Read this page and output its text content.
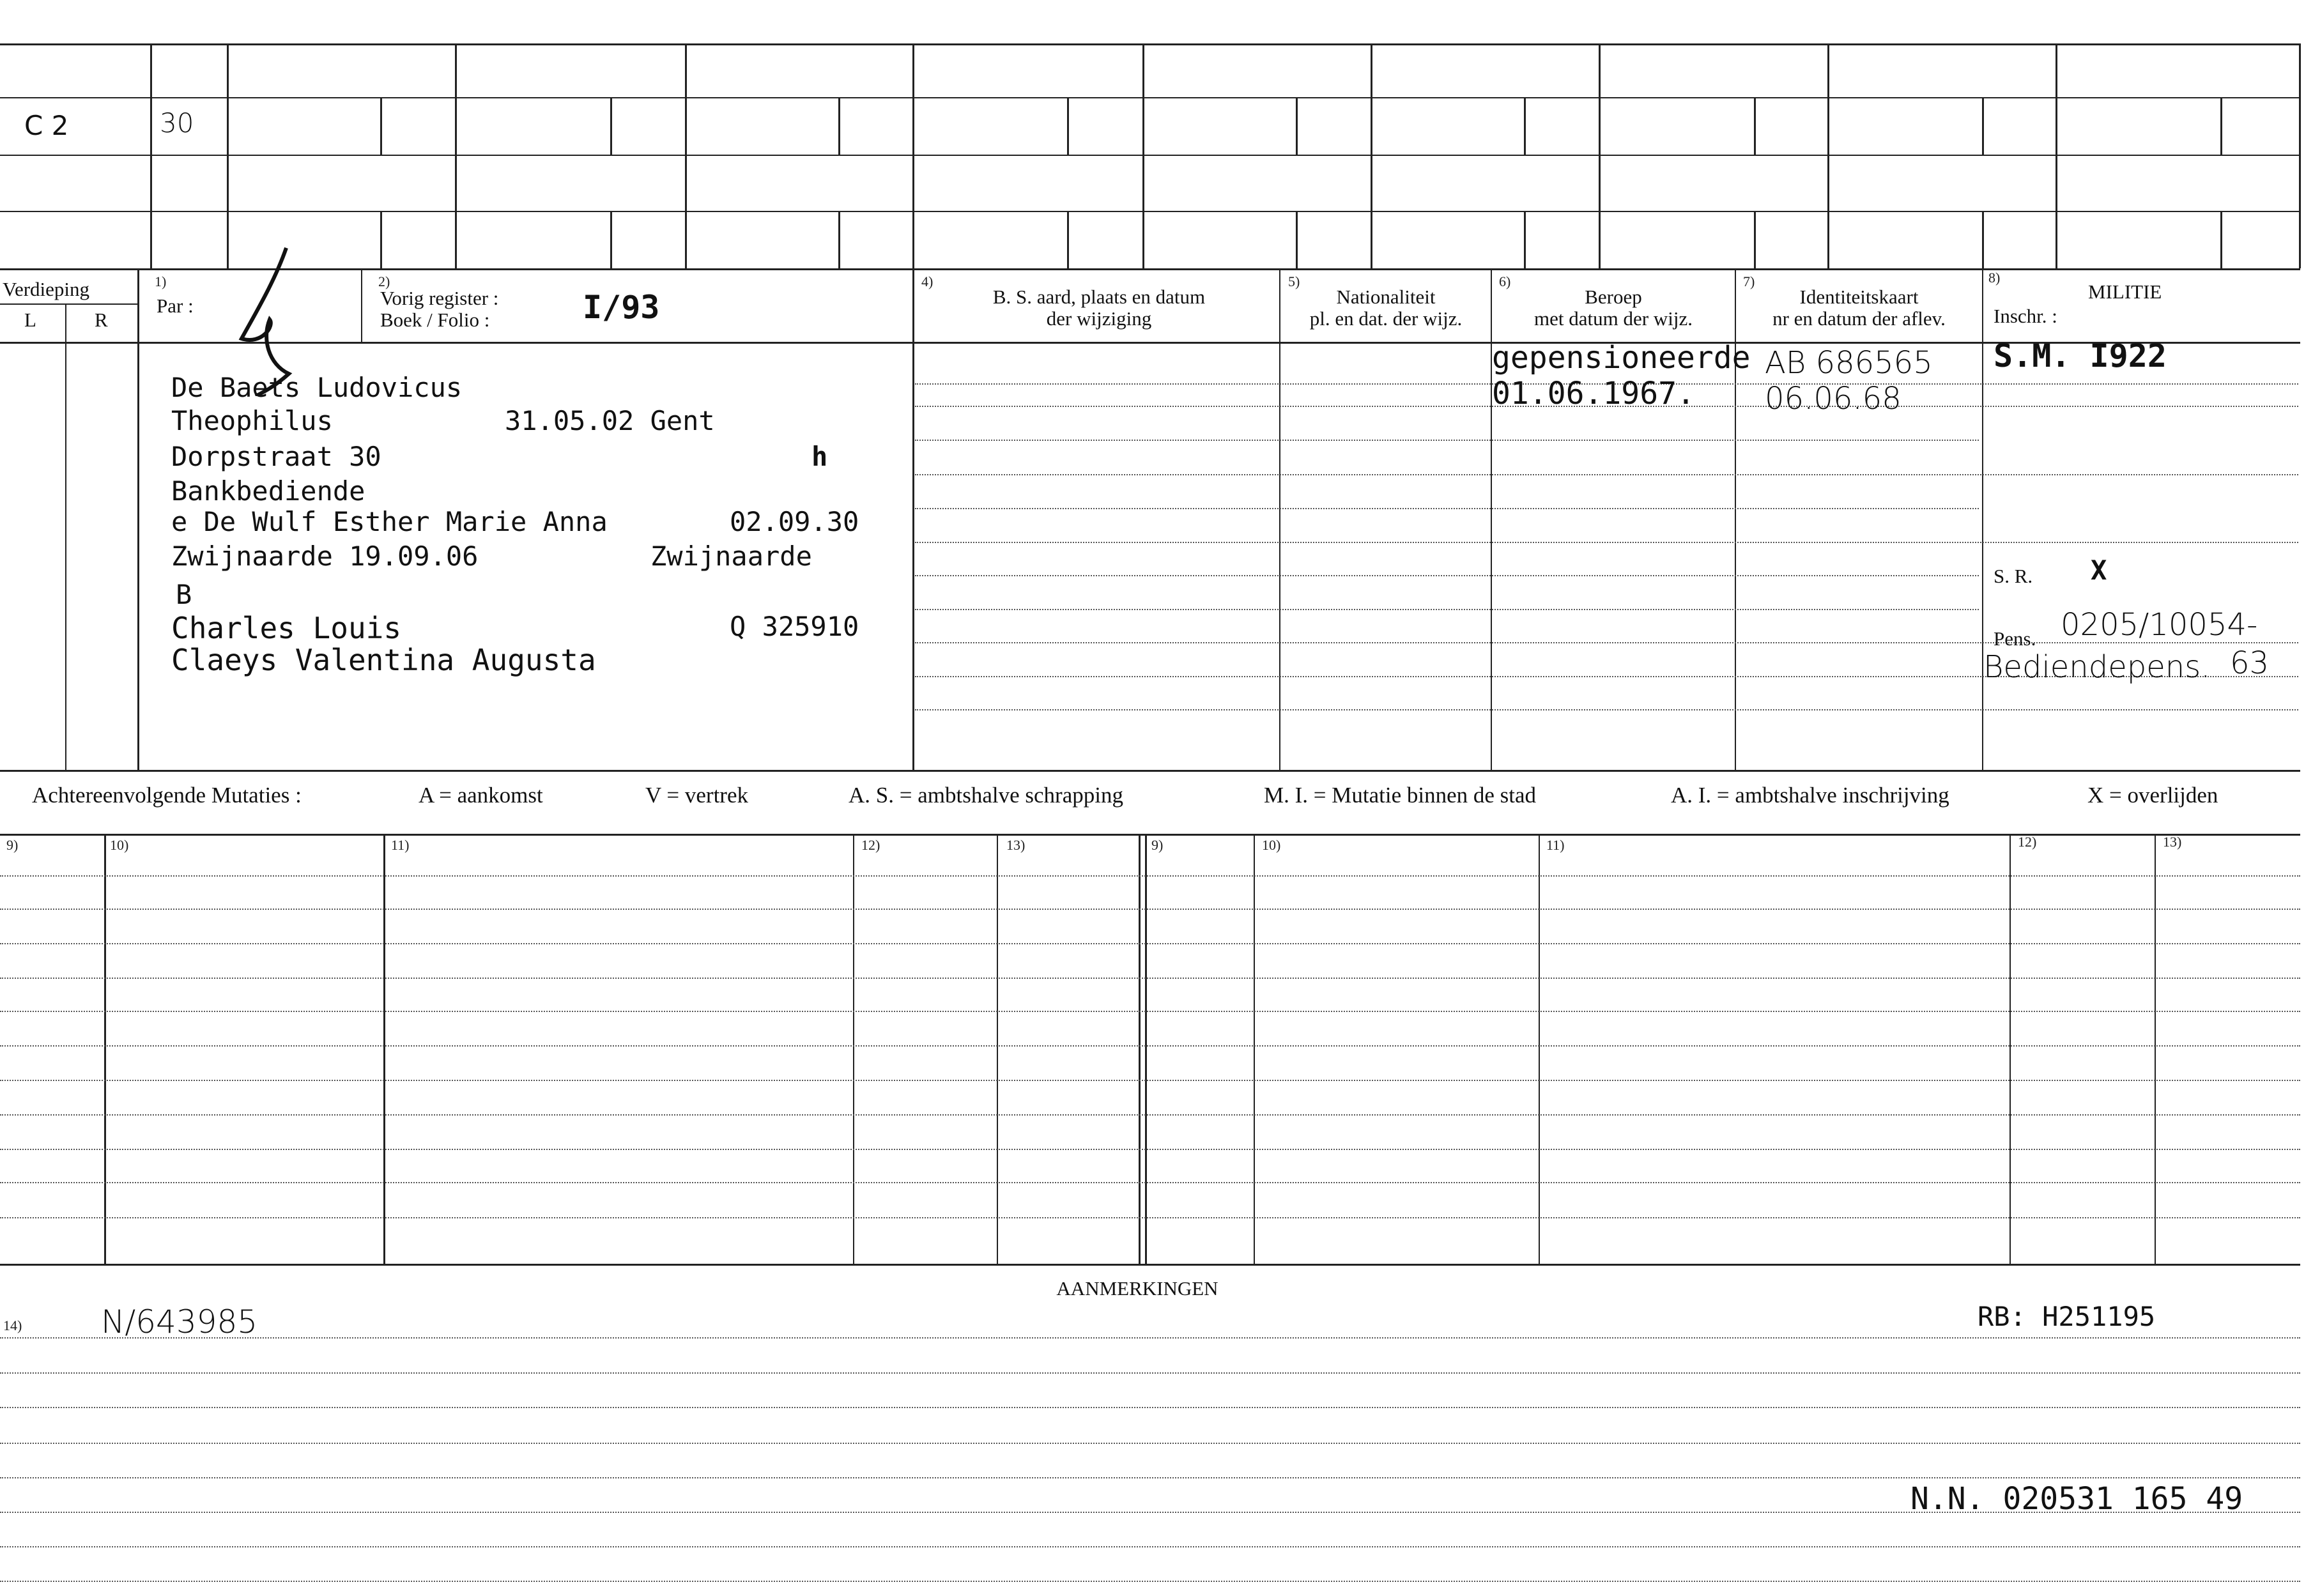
C 2	30
Verdieping
L	R
1)
Par :
2)
Vorig register :
Boek / Folio :	I/93
4)
B. S. aard, plaats en datum
der wijziging
5)
Nationaliteit
pl. en dat. der wijz.
6)
Beroep
met datum der wijz.
7)
Identiteitskaart
nr en datum der aflev.
8)
MILITIE
Inschr. :
De Baets Ludovicus
Theophilus	31.05.02 Gent
Dorpstraat 30	h
Bankbediende
e De Wulf Esther Marie Anna	02.09.30
Zwijnaarde 19.09.06	Zwijnaarde
B
Charles Louis	Q 325910
Claeys Valentina Augusta
gepensioneerde
01.06.1967.
AB 686565
06.06.68
S.M. I922
S. R. X
Pens. 0205/10054-
Bediendepens. 63
Achtereenvolgende Mutaties :	A = aankomst	V = vertrek	A. S. = ambtshalve schrapping	M. I. = Mutatie binnen de stad	A. I. = ambtshalve inschrijving	X = overlijden
9)	10)	11)	12)	13)	9)	10)	11)	12)	13)
AANMERKINGEN
14) N/643985	RB: H251195
N.N. 020531 165 49
